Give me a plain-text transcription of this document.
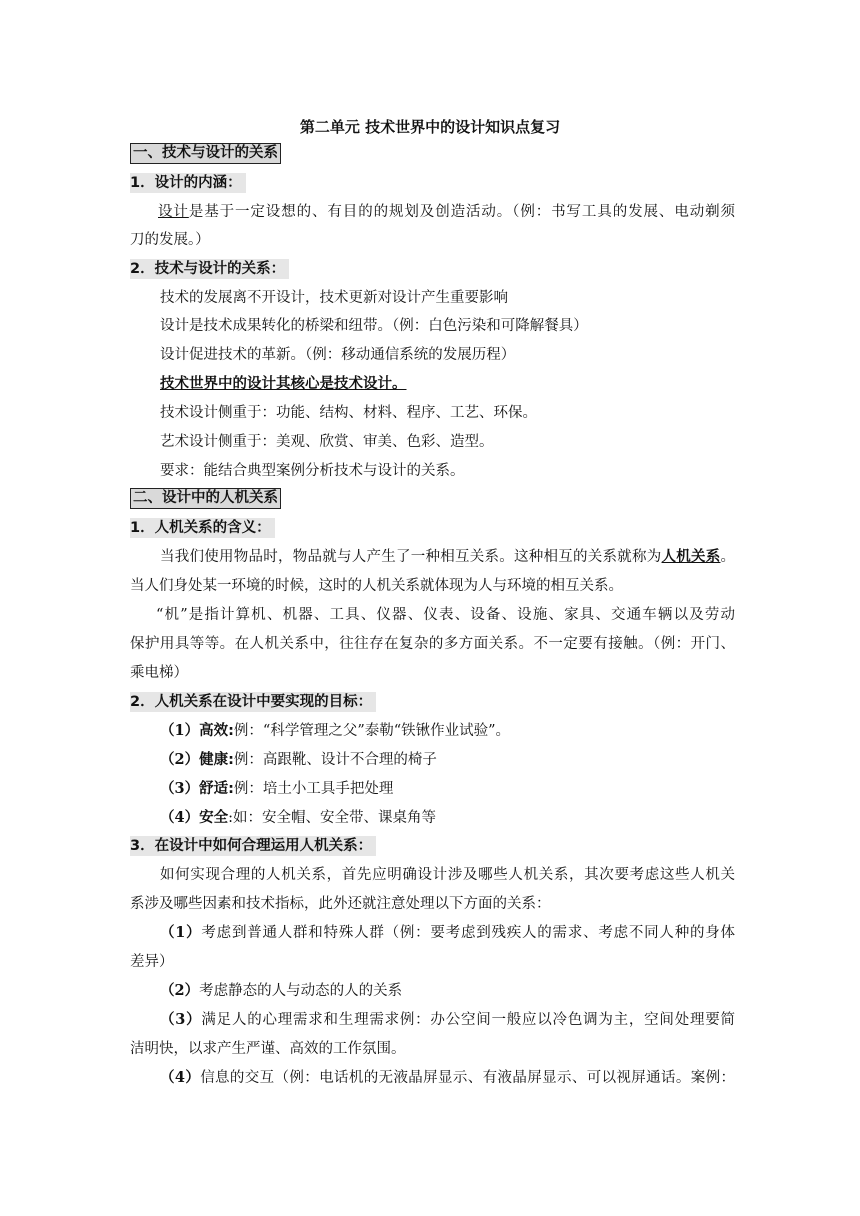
第二单元 技术世界中的设计知识点复习
一、技术与设计的关系
1．设计的内涵：
设计是基于一定设想的、有目的的规划及创造活动。（例：书写工具的发展、电动剃须
刀的发展。）
2．技术与设计的关系：
技术的发展离不开设计，技术更新对设计产生重要影响
设计是技术成果转化的桥梁和纽带。（例：白色污染和可降解餐具）
设计促进技术的革新。（例：移动通信系统的发展历程）
技术世界中的设计其核心是技术设计。
技术设计侧重于：功能、结构、材料、程序、工艺、环保。
艺术设计侧重于：美观、欣赏、审美、色彩、造型。
要求：能结合典型案例分析技术与设计的关系。
二、设计中的人机关系
1．人机关系的含义：
当我们使用物品时，物品就与人产生了一种相互关系。这种相互的关系就称为人机关系。
当人们身处某一环境的时候，这时的人机关系就体现为人与环境的相互关系。
“机”是指计算机、机器、工具、仪器、仪表、设备、设施、家具、交通车辆以及劳动
保护用具等等。在人机关系中，往往存在复杂的多方面关系。不一定要有接触。（例：开门、
乘电梯）
2．人机关系在设计中要实现的目标：
（1）高效:例：“科学管理之父”泰勒“铁锹作业试验”。
（2）健康:例：高跟靴、设计不合理的椅子
（3）舒适:例：培土小工具手把处理
（4）安全:如：安全帽、安全带、课桌角等
3．在设计中如何合理运用人机关系：
如何实现合理的人机关系，首先应明确设计涉及哪些人机关系，其次要考虑这些人机关
系涉及哪些因素和技术指标，此外还就注意处理以下方面的关系：
（1）考虑到普通人群和特殊人群（例：要考虑到残疾人的需求、考虑不同人种的身体
差异）
（2）考虑静态的人与动态的人的关系
（3）满足人的心理需求和生理需求例：办公空间一般应以冷色调为主，空间处理要简
洁明快，以求产生严谨、高效的工作氛围。
（4）信息的交互（例：电话机的无液晶屏显示、有液晶屏显示、可以视屏通话。案例：
